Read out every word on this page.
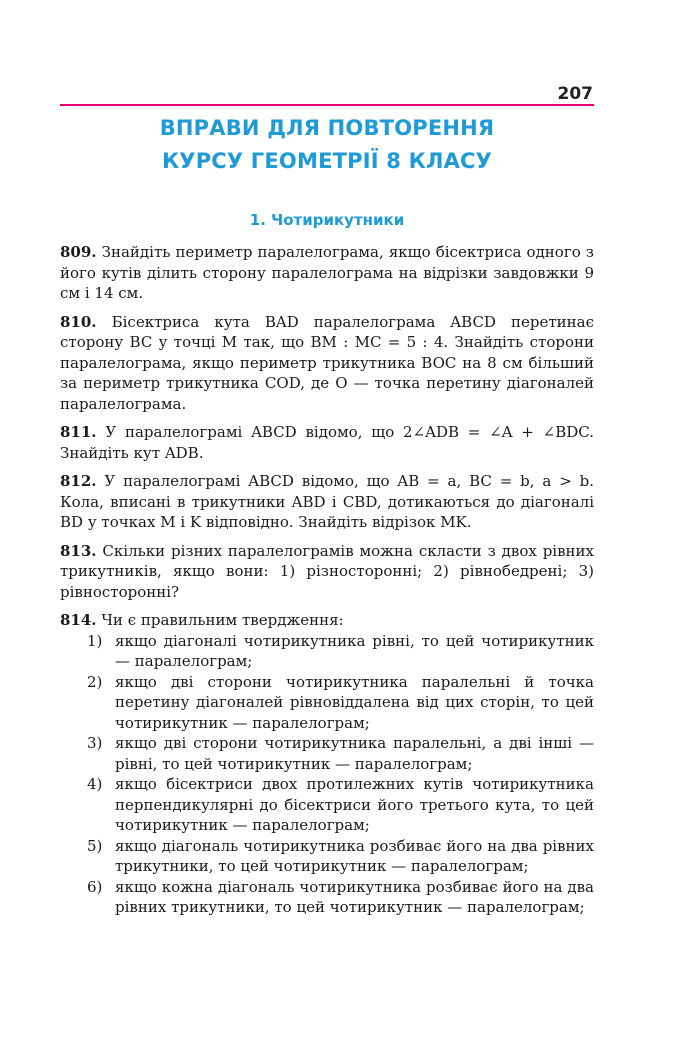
207
ВПРАВИ ДЛЯ ПОВТОРЕННЯ
КУРСУ ГЕОМЕТРІЇ 8 КЛАСУ
1. Чотирикутники
809. Знайдіть периметр паралелограма, якщо бісектриса одного з його кутів ділить сторону паралелограма на відрізки завдовжки 9 см і 14 см.
810. Бісектриса кута BAD паралелограма ABCD перетинає сторону BC у точці M так, що BM : MC = 5 : 4. Знайдіть сторони паралелограма, якщо периметр трикутника BOC на 8 см більший за периметр трикутника COD, де O — точка перетину діагоналей паралелограма.
811. У паралелограмі ABCD відомо, що 2∠ADB = ∠A + ∠BDC. Знайдіть кут ADB.
812. У паралелограмі ABCD відомо, що AB = a, BC = b, a > b. Кола, вписані в трикутники ABD і CBD, дотикаються до діагоналі BD у точках M і K відповідно. Знайдіть відрізок MK.
813. Скільки різних паралелограмів можна скласти з двох рівних трикутників, якщо вони: 1) різносторонні; 2) рівнобедрені; 3) рівносторонні?
814. Чи є правильним твердження:
1) якщо діагоналі чотирикутника рівні, то цей чотирикутник — паралелограм;
2) якщо дві сторони чотирикутника паралельні й точка перетину діагоналей рівновіддалена від цих сторін, то цей чотирикутник — паралелограм;
3) якщо дві сторони чотирикутника паралельні, а дві інші — рівні, то цей чотирикутник — паралелограм;
4) якщо бісектриси двох протилежних кутів чотирикутника перпендикулярні до бісектриси його третього кута, то цей чотирикутник — паралелограм;
5) якщо діагональ чотирикутника розбиває його на два рівних трикутники, то цей чотирикутник — паралелограм;
6) якщо кожна діагональ чотирикутника розбиває його на два рівних трикутники, то цей чотирикутник — паралелограм;
